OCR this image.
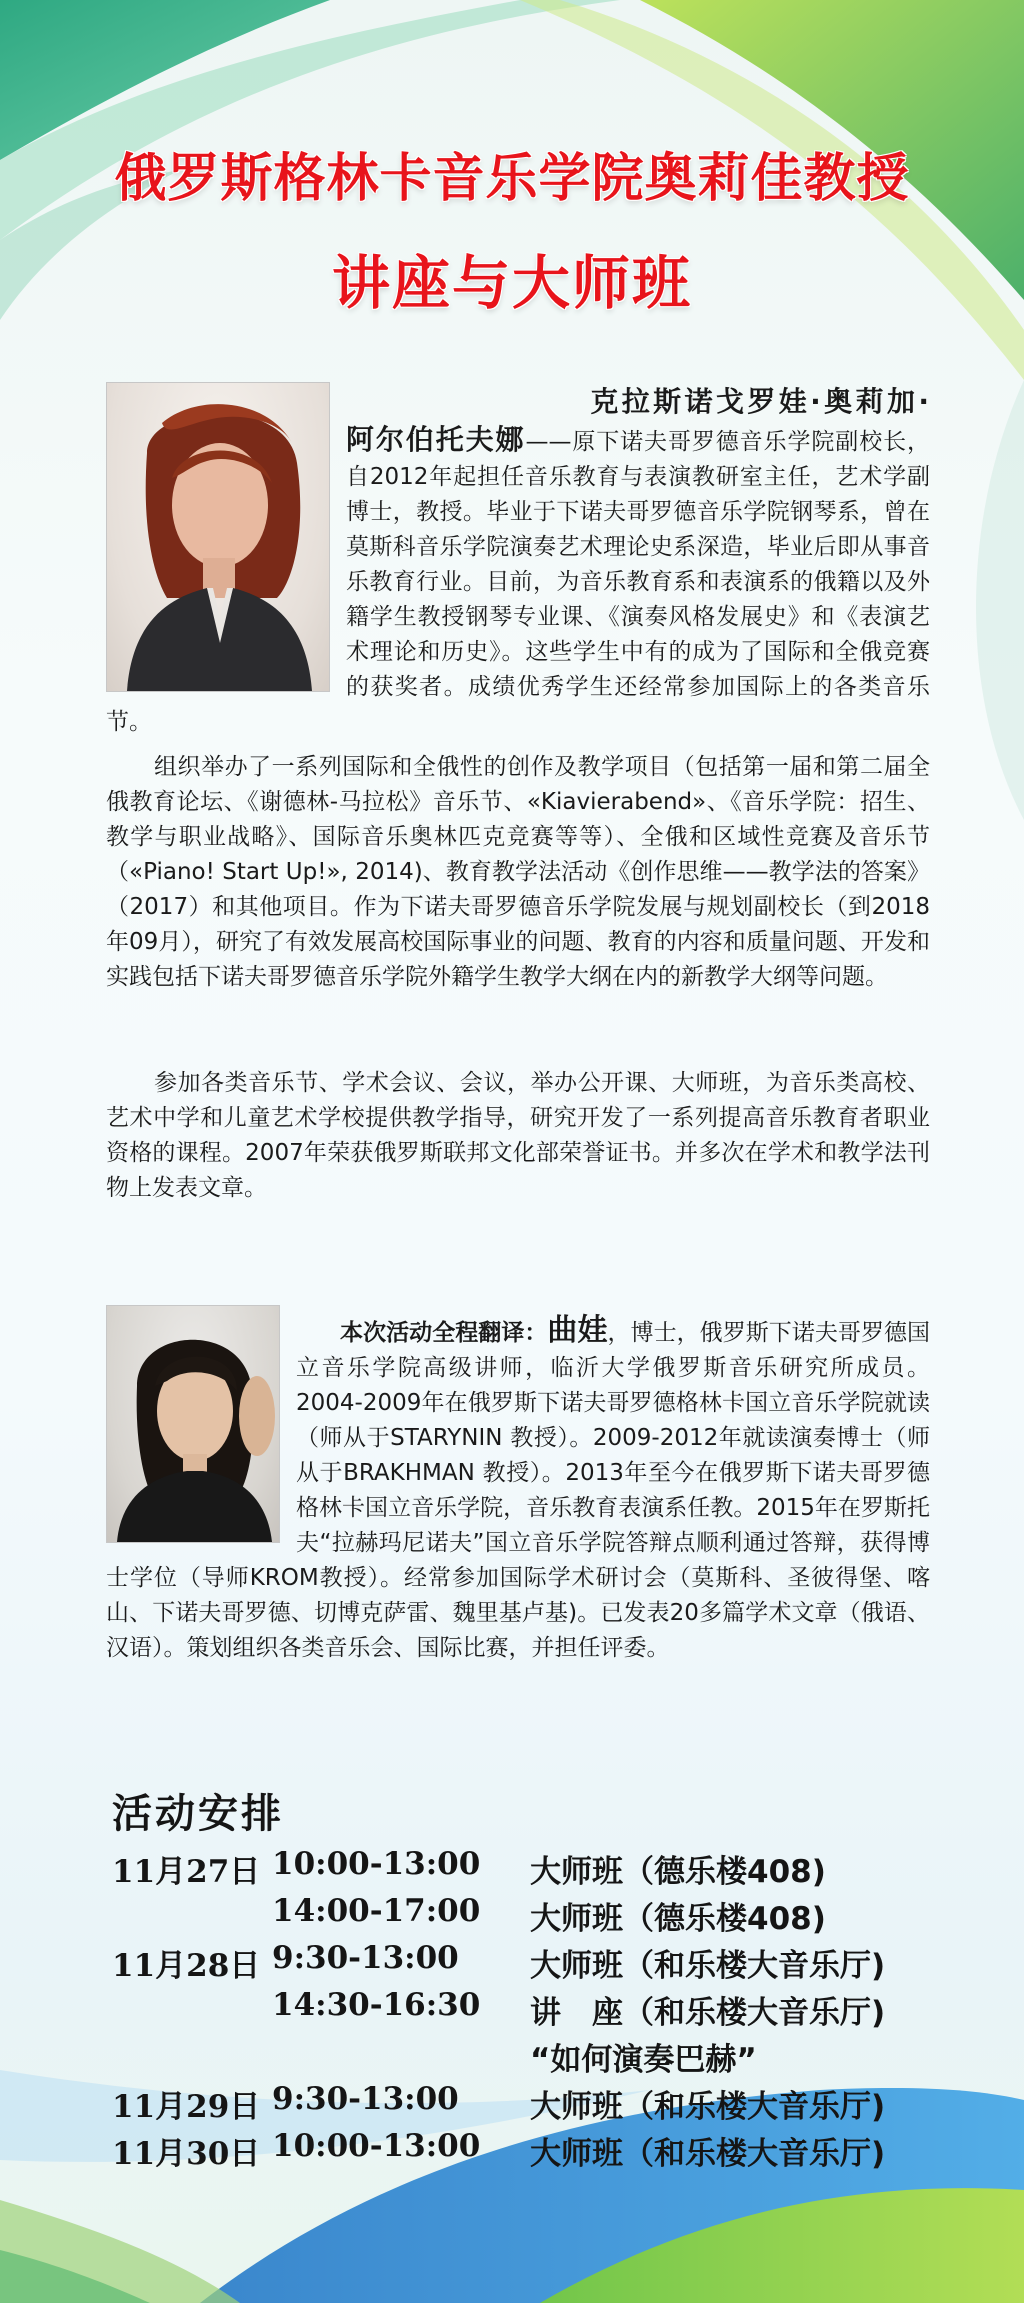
俄罗斯格林卡音乐学院奥莉佳教授
讲座与大师班
克拉斯诺戈罗娃·奥莉加·阿尔伯托夫娜——原下诺夫哥罗德音乐学院副校长，自2012年起担任音乐教育与表演教研室主任，艺术学副博士，教授。毕业于下诺夫哥罗德音乐学院钢琴系，曾在莫斯科音乐学院演奏艺术理论史系深造，毕业后即从事音乐教育行业。目前，为音乐教育系和表演系的俄籍以及外籍学生教授钢琴专业课、《演奏风格发展史》和《表演艺术理论和历史》。这些学生中有的成为了国际和全俄竞赛的获奖者。成绩优秀学生还经常参加国际上的各类音乐节。

组织举办了一系列国际和全俄性的创作及教学项目（包括第一届和第二届全俄教育论坛、《谢德林-马拉松》音乐节、«Kiavierabend»、《音乐学院：招生、教学与职业战略》、国际音乐奥林匹克竞赛等等）、全俄和区域性竞赛及音乐节（«Piano! Start Up!», 2014)、教育教学法活动《创作思维——教学法的答案》（2017）和其他项目。作为下诺夫哥罗德音乐学院发展与规划副校长（到2018年09月），研究了有效发展高校国际事业的问题、教育的内容和质量问题、开发和实践包括下诺夫哥罗德音乐学院外籍学生教学大纲在内的新教学大纲等问题。

参加各类音乐节、学术会议、会议，举办公开课、大师班，为音乐类高校、艺术中学和儿童艺术学校提供教学指导，研究开发了一系列提高音乐教育者职业资格的课程。2007年荣获俄罗斯联邦文化部荣誉证书。并多次在学术和教学法刊物上发表文章。

本次活动全程翻译：曲娃，博士，俄罗斯下诺夫哥罗德国立音乐学院高级讲师，临沂大学俄罗斯音乐研究所成员。2004-2009年在俄罗斯下诺夫哥罗德格林卡国立音乐学院就读（师从于STARYNIN 教授）。2009-2012年就读演奏博士（师从于BRAKHMAN 教授）。2013年至今在俄罗斯下诺夫哥罗德格林卡国立音乐学院，音乐教育表演系任教。2015年在罗斯托夫“拉赫玛尼诺夫”国立音乐学院答辩点顺利通过答辩，获得博士学位（导师KROM教授）。经常参加国际学术研讨会（莫斯科、圣彼得堡、喀山、下诺夫哥罗德、切博克萨雷、魏里基卢基)。已发表20多篇学术文章（俄语、汉语）。策划组织各类音乐会、国际比赛，并担任评委。
活动安排
11月27日 10:00-13:00 大师班（德乐楼408)
14:00-17:00 大师班（德乐楼408)
11月28日 9:30-13:00 大师班（和乐楼大音乐厅)
14:30-16:30 讲　座（和乐楼大音乐厅)
“如何演奏巴赫”
11月29日 9:30-13:00 大师班（和乐楼大音乐厅)
11月30日 10:00-13:00 大师班（和乐楼大音乐厅)
